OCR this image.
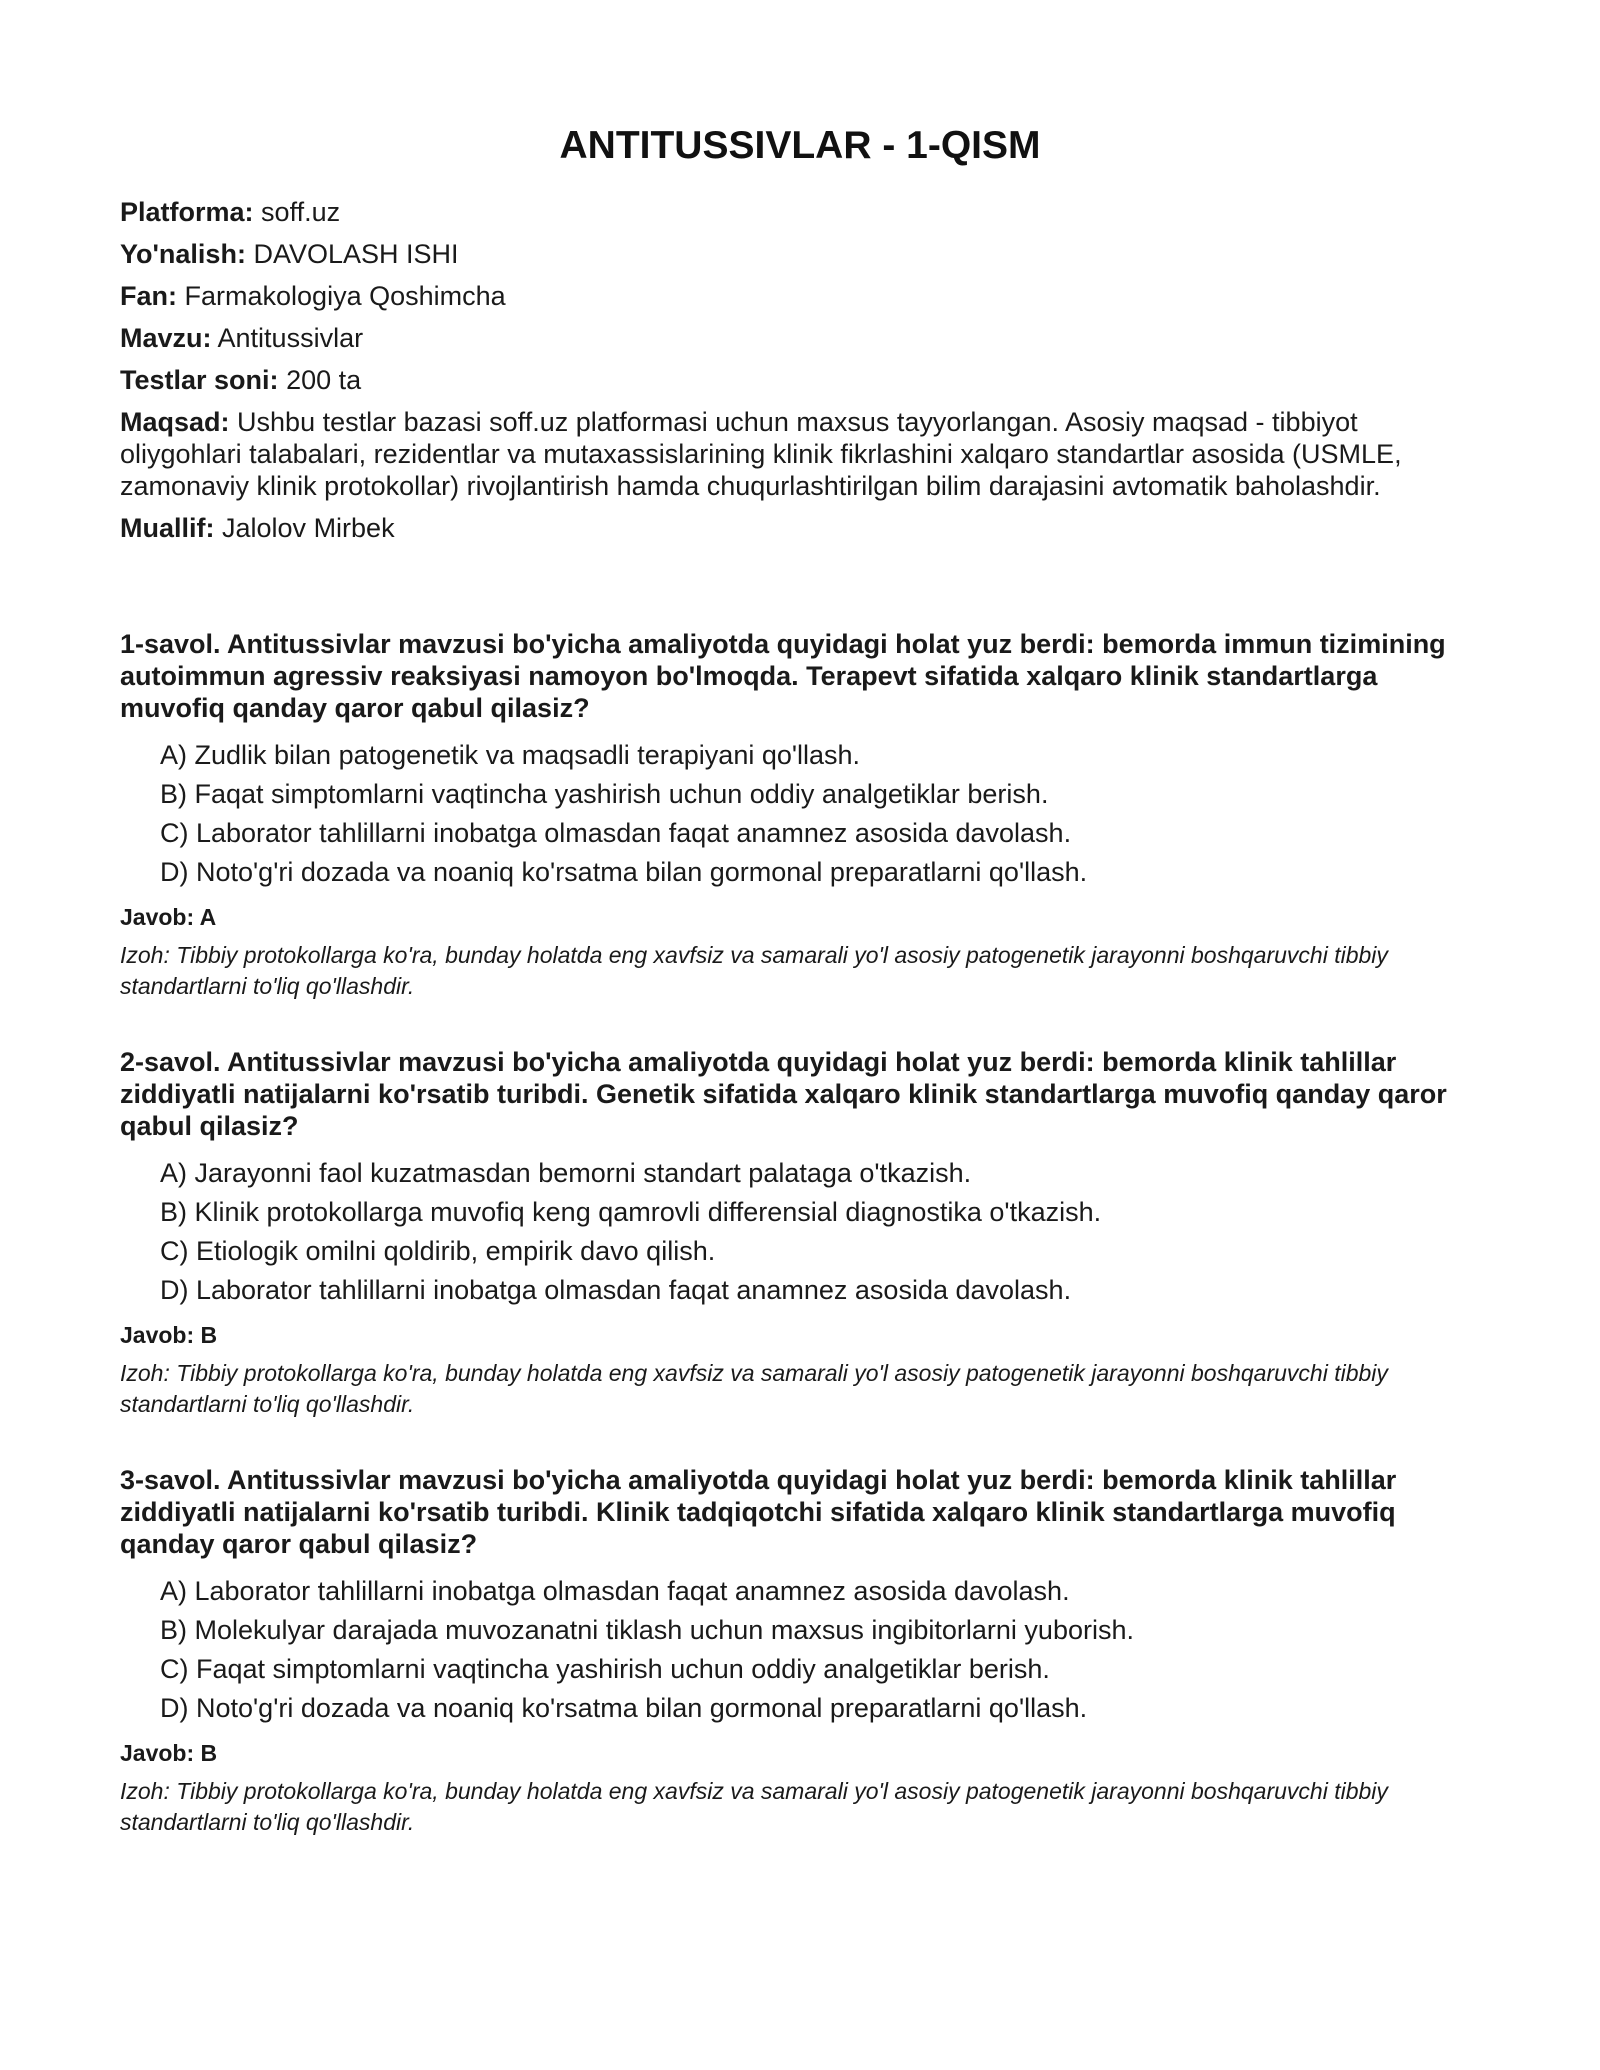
ANTITUSSIVLAR - 1-QISM
Platforma: soff.uz
Yo'nalish: DAVOLASH ISHI
Fan: Farmakologiya Qoshimcha
Mavzu: Antitussivlar
Testlar soni: 200 ta
Maqsad: Ushbu testlar bazasi soff.uz platformasi uchun maxsus tayyorlangan. Asosiy maqsad - tibbiyot oliygohlari talabalari, rezidentlar va mutaxassislarining klinik fikrlashini xalqaro standartlar asosida (USMLE, zamonaviy klinik protokollar) rivojlantirish hamda chuqurlashtirilgan bilim darajasini avtomatik baholashdir.
Muallif: Jalolov Mirbek

1-savol. Antitussivlar mavzusi bo'yicha amaliyotda quyidagi holat yuz berdi: bemorda immun tizimining autoimmun agressiv reaksiyasi namoyon bo'lmoqda. Terapevt sifatida xalqaro klinik standartlarga muvofiq qanday qaror qabul qilasiz?

A) Zudlik bilan patogenetik va maqsadli terapiyani qo'llash.
B) Faqat simptomlarni vaqtincha yashirish uchun oddiy analgetiklar berish.
C) Laborator tahlillarni inobatga olmasdan faqat anamnez asosida davolash.
D) Noto'g'ri dozada va noaniq ko'rsatma bilan gormonal preparatlarni qo'llash.
Javob: A
Izoh: Tibbiy protokollarga ko'ra, bunday holatda eng xavfsiz va samarali yo'l asosiy patogenetik jarayonni boshqaruvchi tibbiy standartlarni to'liq qo'llashdir.

2-savol. Antitussivlar mavzusi bo'yicha amaliyotda quyidagi holat yuz berdi: bemorda klinik tahlillar ziddiyatli natijalarni ko'rsatib turibdi. Genetik sifatida xalqaro klinik standartlarga muvofiq qanday qaror qabul qilasiz?

A) Jarayonni faol kuzatmasdan bemorni standart palataga o'tkazish.
B) Klinik protokollarga muvofiq keng qamrovli differensial diagnostika o'tkazish.
C) Etiologik omilni qoldirib, empirik davo qilish.
D) Laborator tahlillarni inobatga olmasdan faqat anamnez asosida davolash.
Javob: B
Izoh: Tibbiy protokollarga ko'ra, bunday holatda eng xavfsiz va samarali yo'l asosiy patogenetik jarayonni boshqaruvchi tibbiy standartlarni to'liq qo'llashdir.

3-savol. Antitussivlar mavzusi bo'yicha amaliyotda quyidagi holat yuz berdi: bemorda klinik tahlillar ziddiyatli natijalarni ko'rsatib turibdi. Klinik tadqiqotchi sifatida xalqaro klinik standartlarga muvofiq qanday qaror qabul qilasiz?

A) Laborator tahlillarni inobatga olmasdan faqat anamnez asosida davolash.
B) Molekulyar darajada muvozanatni tiklash uchun maxsus ingibitorlarni yuborish.
C) Faqat simptomlarni vaqtincha yashirish uchun oddiy analgetiklar berish.
D) Noto'g'ri dozada va noaniq ko'rsatma bilan gormonal preparatlarni qo'llash.
Javob: B
Izoh: Tibbiy protokollarga ko'ra, bunday holatda eng xavfsiz va samarali yo'l asosiy patogenetik jarayonni boshqaruvchi tibbiy standartlarni to'liq qo'llashdir.
